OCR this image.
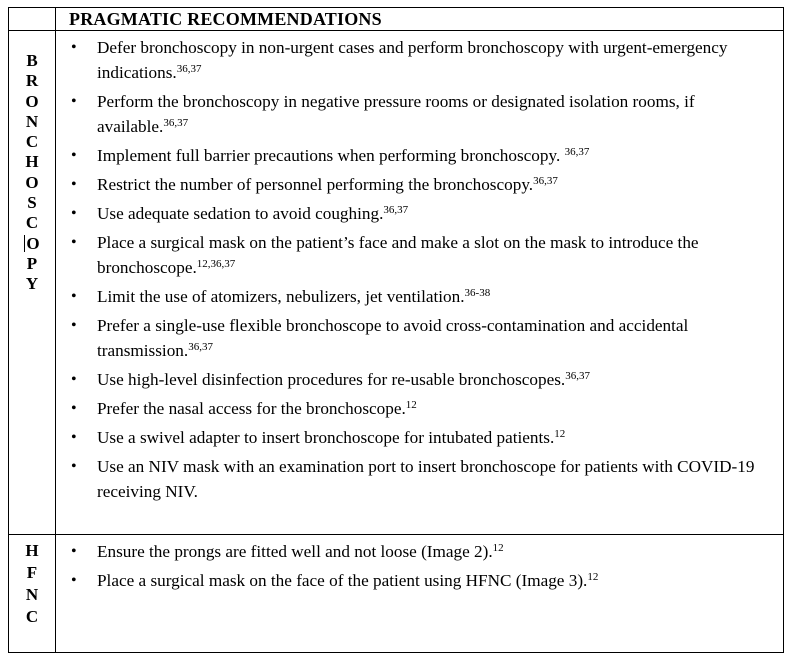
PRAGMATIC RECOMMENDATIONS
B
R
O
N
C
H
O
S
C
O
P
Y
• Defer bronchoscopy in non-urgent cases and perform bronchoscopy with urgent-emergency indications.$^{36,37}$
• Perform the bronchoscopy in negative pressure rooms or designated isolation rooms, if available.$^{36,37}$
• Implement full barrier precautions when performing bronchoscopy. $^{36,37}$
• Restrict the number of personnel performing the bronchoscopy.$^{36,37}$
• Use adequate sedation to avoid coughing.$^{36,37}$
• Place a surgical mask on the patient’s face and make a slot on the mask to introduce the bronchoscope.$^{12,36,37}$
• Limit the use of atomizers, nebulizers, jet ventilation.$^{36-38}$
• Prefer a single-use flexible bronchoscope to avoid cross-contamination and accidental transmission.$^{36,37}$
• Use high-level disinfection procedures for re-usable bronchoscopes.$^{36,37}$
• Prefer the nasal access for the bronchoscope.$^{12}$
• Use a swivel adapter to insert bronchoscope for intubated patients.$^{12}$
• Use an NIV mask with an examination port to insert bronchoscope for patients with COVID-19 receiving NIV.
H
F
N
C
• Ensure the prongs are fitted well and not loose (Image 2).$^{12}$
• Place a surgical mask on the face of the patient using HFNC (Image 3).$^{12}$
